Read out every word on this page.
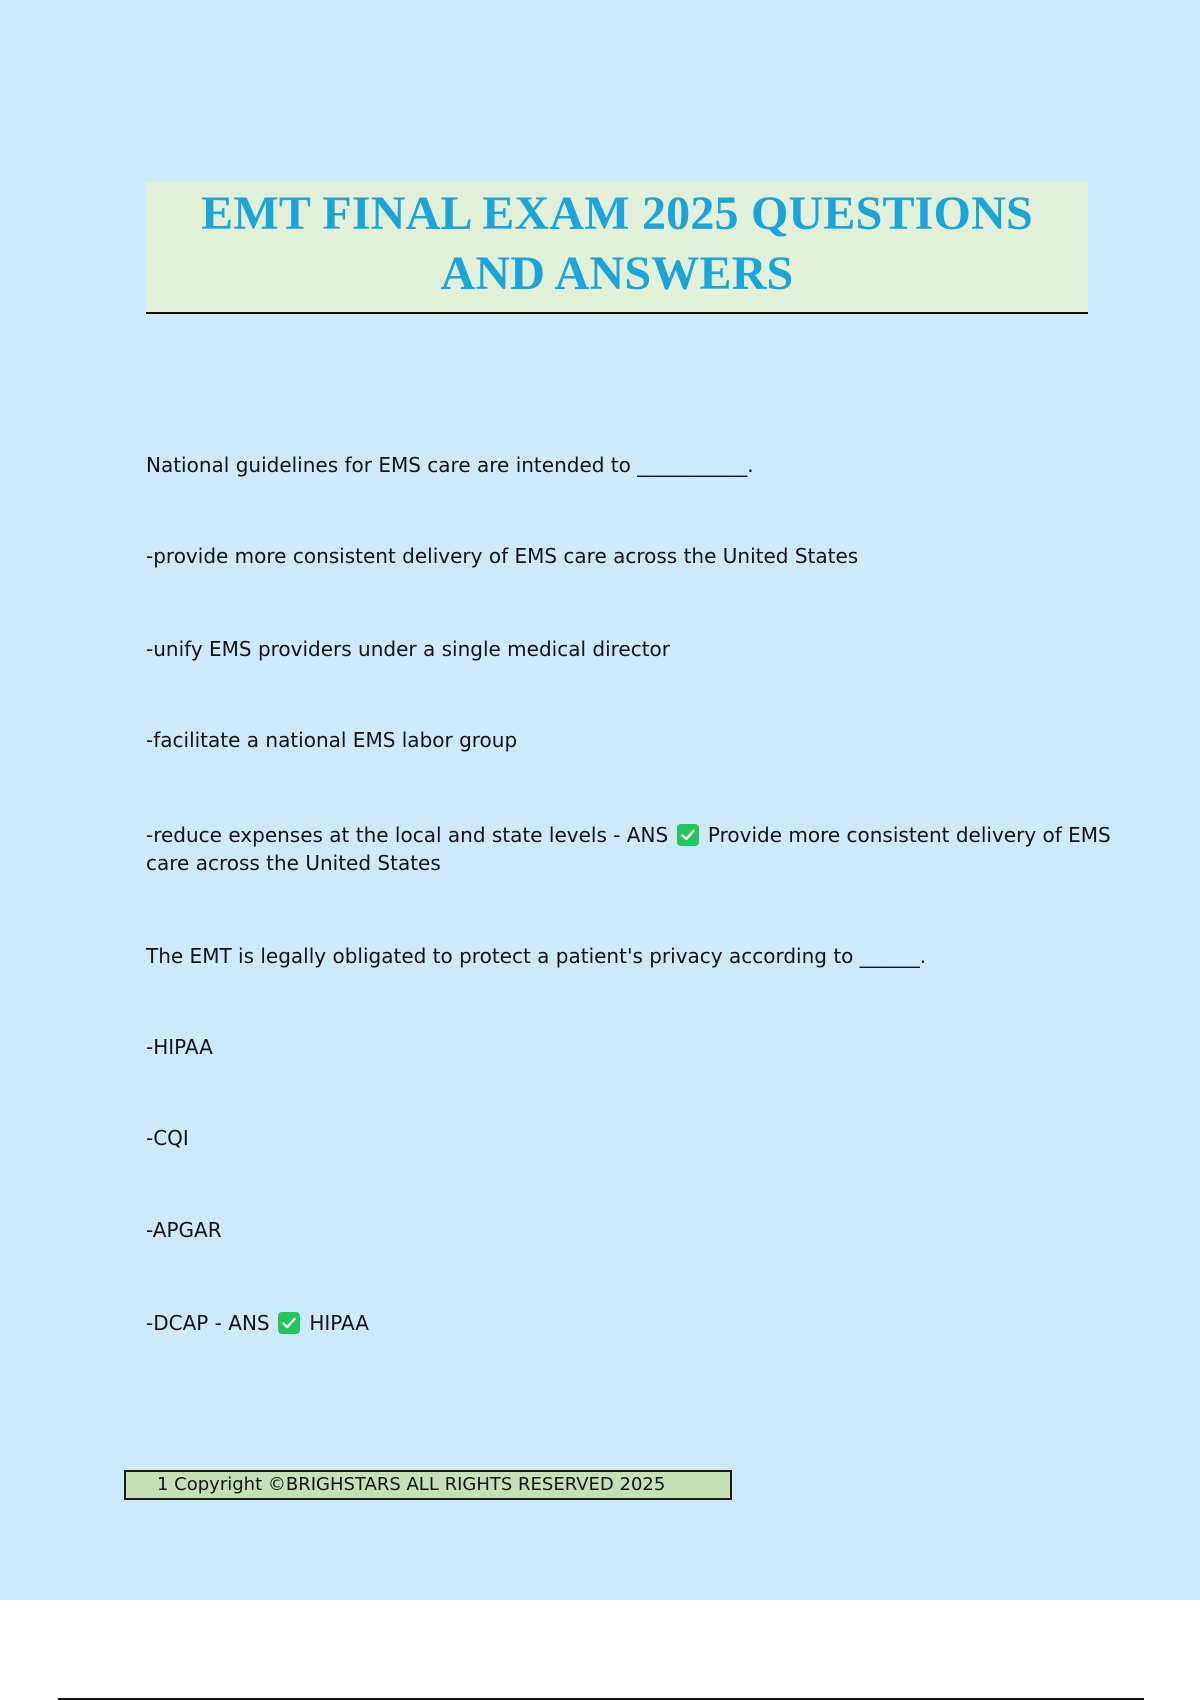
EMT FINAL EXAM 2025 QUESTIONS
AND ANSWERS
National guidelines for EMS care are intended to ___________.
-provide more consistent delivery of EMS care across the United States
-unify EMS providers under a single medical director
-facilitate a national EMS labor group
-reduce expenses at the local and state levels - ANS Provide more consistent delivery of EMS
care across the United States
The EMT is legally obligated to protect a patient's privacy according to ______.
-HIPAA
-CQI
-APGAR
-DCAP - ANS HIPAA
1 Copyright ©BRIGHSTARS ALL RIGHTS RESERVED 2025
